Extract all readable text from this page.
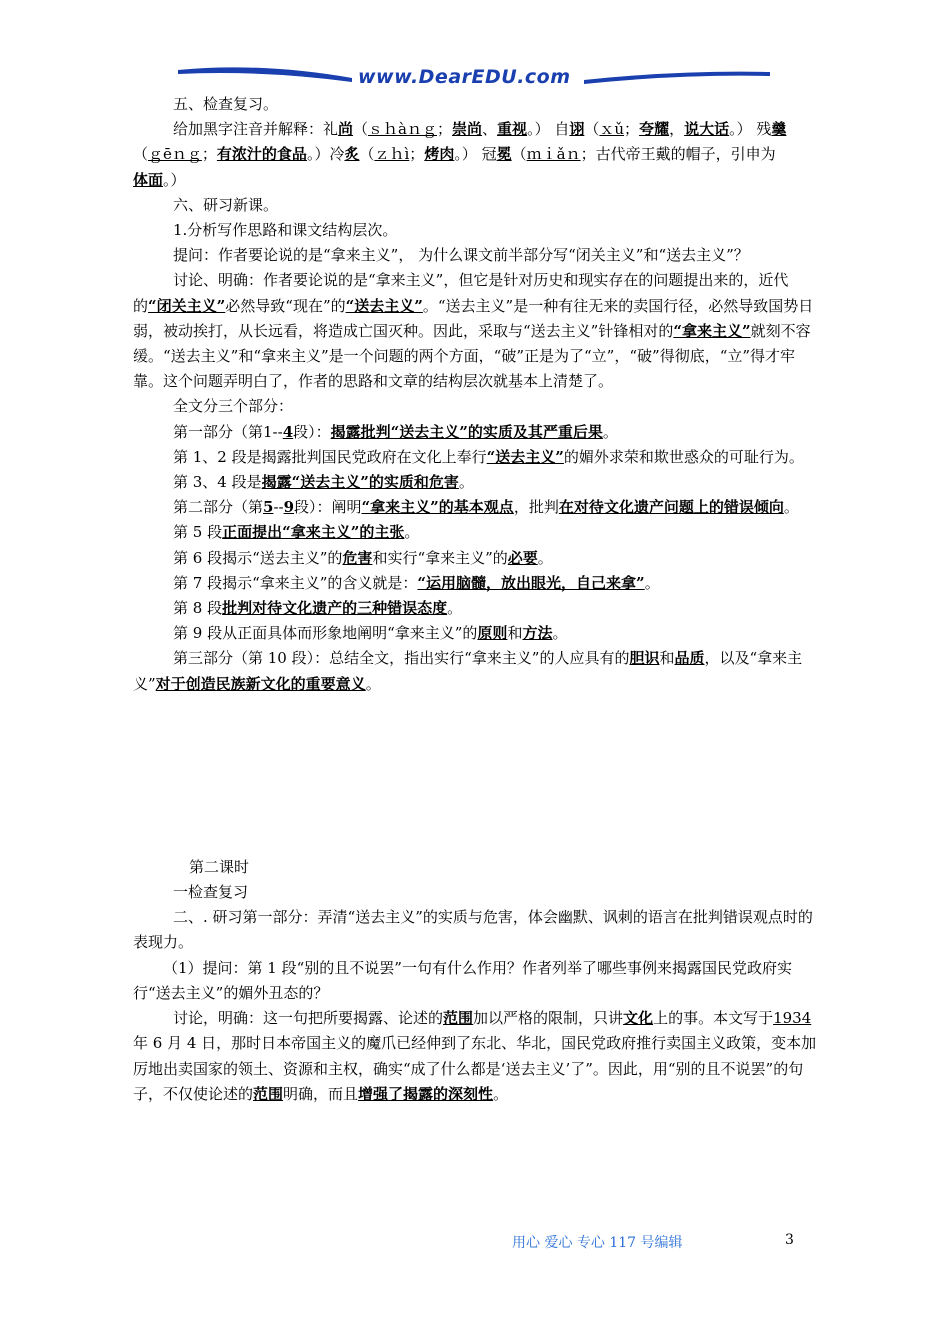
www.DearEDU.com

五、检查复习。

给加黑字注音并解释：礼尚（ｓｈàｎｇ；崇尚、重视。） 自诩（ｘǔ；夸耀，说大话。） 残羹

（ｇēｎｇ；有浓汁的食品。）冷炙（ｚｈì；烤肉。） 冠冕（ｍｉǎｎ；古代帝王戴的帽子，引申为

体面。）

六、研习新课。

1.分析写作思路和课文结构层次。

提问：作者要论说的是“拿来主义”， 为什么课文前半部分写“闭关主义”和“送去主义”？

讨论、明确：作者要论说的是“拿来主义”，但它是针对历史和现实存在的问题提出来的，近代的“闭关主义”必然导致“现在”的“送去主义”。“送去主义”是一种有往无来的卖国行径，必然导致国势日弱，被动挨打，从长远看，将造成亡国灭种。因此，采取与“送去主义”针锋相对的“拿来主义”就刻不容缓。“送去主义”和“拿来主义”是一个问题的两个方面，“破”正是为了“立”，“破”得彻底，“立”得才牢靠。这个问题弄明白了，作者的思路和文章的结构层次就基本上清楚了。

全文分三个部分：

第一部分（第1--4段）：揭露批判“送去主义”的实质及其严重后果。

第 1、2 段是揭露批判国民党政府在文化上奉行“送去主义”的媚外求荣和欺世惑众的可耻行为。

第 3、4 段是揭露“送去主义”的实质和危害。

第二部分（第5--9段）：阐明“拿来主义”的基本观点，批判在对待文化遗产问题上的错误倾向。

第 5 段正面提出“拿来主义”的主张。

第 6 段揭示“送去主义”的危害和实行“拿来主义”的必要。

第 7 段揭示“拿来主义”的含义就是：“运用脑髓，放出眼光，自己来拿”。

第 8 段批判对待文化遗产的三种错误态度。

第 9 段从正面具体而形象地阐明“拿来主义”的原则和方法。

第三部分（第 10 段）：总结全文，指出实行“拿来主义”的人应具有的胆识和品质，以及“拿来主义”对于创造民族新文化的重要意义。

第二课时

一检查复习

二、. 研习第一部分：弄清“送去主义”的实质与危害，体会幽默、讽刺的语言在批判错误观点时的表现力。

（1）提问：第 1 段“别的且不说罢”一句有什么作用？作者列举了哪些事例来揭露国民党政府实行“送去主义”的媚外丑态的？

讨论，明确：这一句把所要揭露、论述的范围加以严格的限制，只讲文化上的事。本文写于1934年 6 月 4 日，那时日本帝国主义的魔爪已经伸到了东北、华北，国民党政府推行卖国主义政策，变本加厉地出卖国家的领土、资源和主权，确实“成了什么都是‘送去主义’了”。因此，用“别的且不说罢”的句子，不仅使论述的范围明确，而且增强了揭露的深刻性。

用心 爱心 专心 117 号编辑	3
